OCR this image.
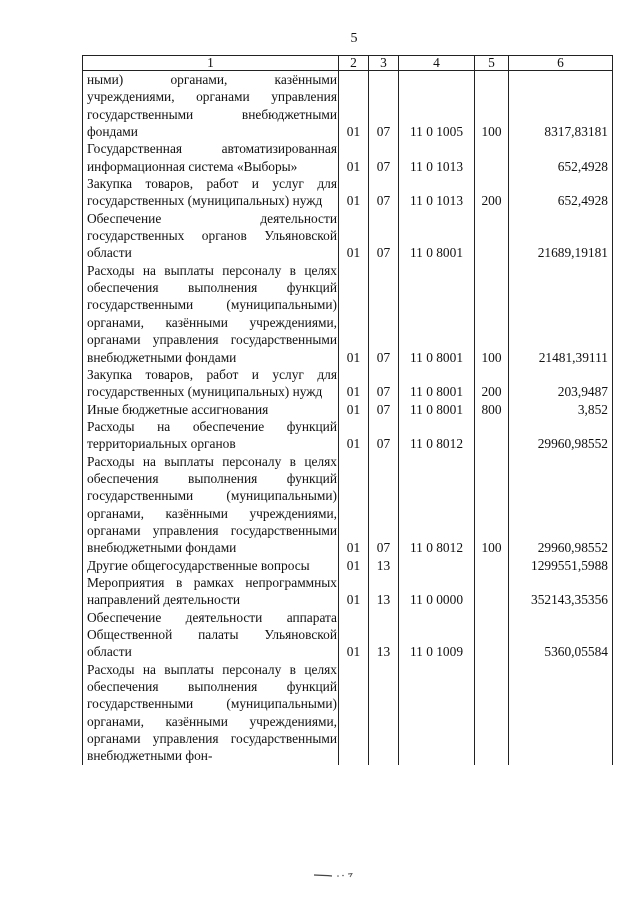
5
1	2	3	4	5	6
ными) органами, казёнными учреждениями, органами управления государственными внебюджетными фондами	01	07	11 0 1005	100	8317,83181
Государственная автоматизированная информационная система «Выборы»	01	07	11 0 1013		652,4928
Закупка товаров, работ и услуг для государственных (муниципальных) нужд	01	07	11 0 1013	200	652,4928
Обеспечение деятельности государственных органов Ульяновской области	01	07	11 0 8001		21689,19181
Расходы на выплаты персоналу в целях обеспечения выполнения функций государственными (муниципальными) органами, казёнными учреждениями, органами управления государственными внебюджетными фондами	01	07	11 0 8001	100	21481,39111
Закупка товаров, работ и услуг для государственных (муниципальных) нужд	01	07	11 0 8001	200	203,9487
Иные бюджетные ассигнования	01	07	11 0 8001	800	3,852
Расходы на обеспечение функций территориальных органов	01	07	11 0 8012		29960,98552
Расходы на выплаты персоналу в целях обеспечения выполнения функций государственными (муниципальными) органами, казёнными учреждениями, органами управления государственными внебюджетными фондами	01	07	11 0 8012	100	29960,98552
Другие общегосударственные вопросы	01	13			1299551,5988
Мероприятия в рамках непрограммных направлений деятельности	01	13	11 0 0000		352143,35356
Обеспечение деятельности аппарата Общественной палаты Ульяновской области	01	13	11 0 1009		5360,05584
Расходы на выплаты персоналу в целях обеспечения выполнения функций государственными (муниципальными) органами, казёнными учреждениями, органами управления государственными внебюджетными фон-					
